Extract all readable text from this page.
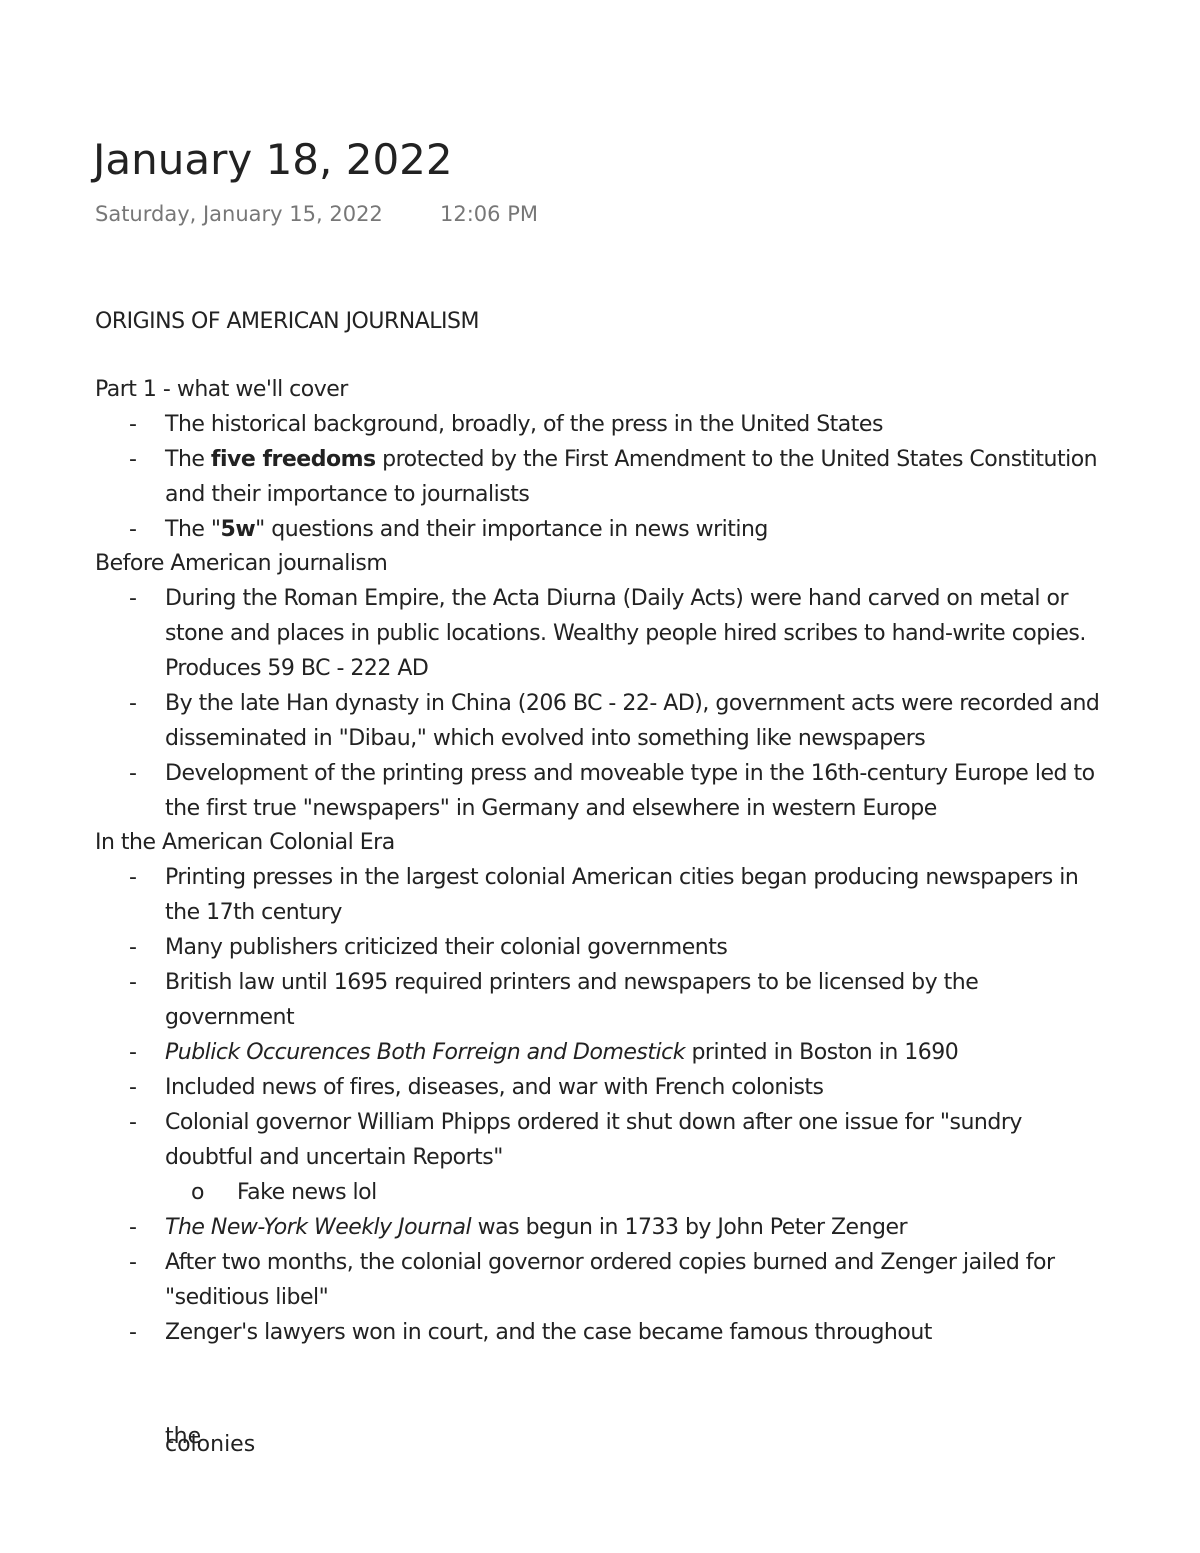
January 18, 2022
Saturday, January 15, 2022	12:06 PM
ORIGINS OF AMERICAN JOURNALISM
Part 1 - what we'll cover
-	The historical background, broadly, of the press in the United States
-	The five freedoms protected by the First Amendment to the United States Constitution and their importance to journalists
-	The "5w" questions and their importance in news writing
Before American journalism
-	During the Roman Empire, the Acta Diurna (Daily Acts) were hand carved on metal or stone and places in public locations. Wealthy people hired scribes to hand-write copies. Produces 59 BC - 222 AD
-	By the late Han dynasty in China (206 BC - 22- AD), government acts were recorded and disseminated in "Dibau," which evolved into something like newspapers
-	Development of the printing press and moveable type in the 16th-century Europe led to the first true "newspapers" in Germany and elsewhere in western Europe
In the American Colonial Era
-	Printing presses in the largest colonial American cities began producing newspapers in the 17th century
-	Many publishers criticized their colonial governments
-	British law until 1695 required printers and newspapers to be licensed by the government
-	Publick Occurences Both Forreign and Domestick printed in Boston in 1690
-	Included news of fires, diseases, and war with French colonists
-	Colonial governor William Phipps ordered it shut down after one issue for "sundry doubtful and uncertain Reports"
o Fake news lol
-	The New-York Weekly Journal was begun in 1733 by John Peter Zenger
-	After two months, the colonial governor ordered copies burned and Zenger jailed for "seditious libel"
-	Zenger's lawyers won in court, and the case became famous throughout
the colonies
